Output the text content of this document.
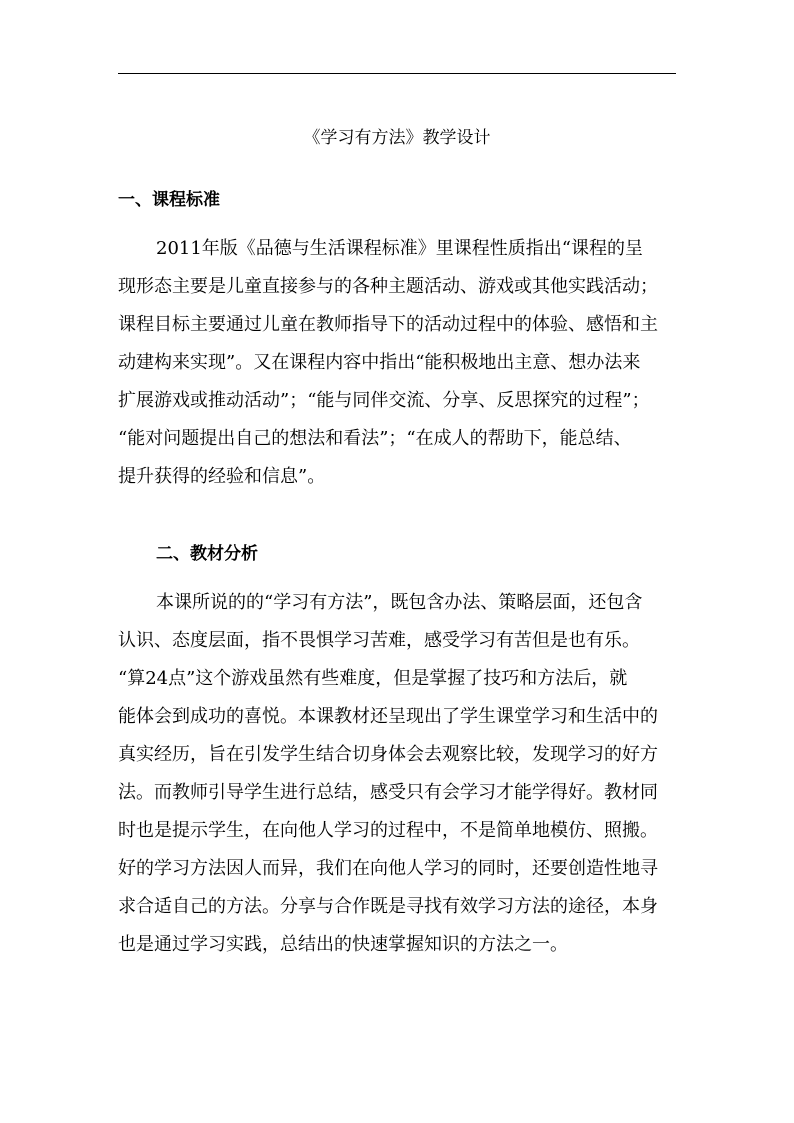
《学习有方法》教学设计
一、课程标准
2011年版《品德与生活课程标准》里课程性质指出“课程的呈
现形态主要是儿童直接参与的各种主题活动、游戏或其他实践活动；
课程目标主要通过儿童在教师指导下的活动过程中的体验、感悟和主
动建构来实现”。又在课程内容中指出“能积极地出主意、想办法来
扩展游戏或推动活动”；“能与同伴交流、分享、反思探究的过程”；
“能对问题提出自己的想法和看法”；“在成人的帮助下，能总结、
提升获得的经验和信息”。
二、教材分析
本课所说的的“学习有方法”，既包含办法、策略层面，还包含
认识、态度层面，指不畏惧学习苦难，感受学习有苦但是也有乐。
“算24点”这个游戏虽然有些难度，但是掌握了技巧和方法后，就
能体会到成功的喜悦。本课教材还呈现出了学生课堂学习和生活中的
真实经历，旨在引发学生结合切身体会去观察比较，发现学习的好方
法。而教师引导学生进行总结，感受只有会学习才能学得好。教材同
时也是提示学生，在向他人学习的过程中，不是简单地模仿、照搬。
好的学习方法因人而异，我们在向他人学习的同时，还要创造性地寻
求合适自己的方法。分享与合作既是寻找有效学习方法的途径，本身
也是通过学习实践，总结出的快速掌握知识的方法之一。
